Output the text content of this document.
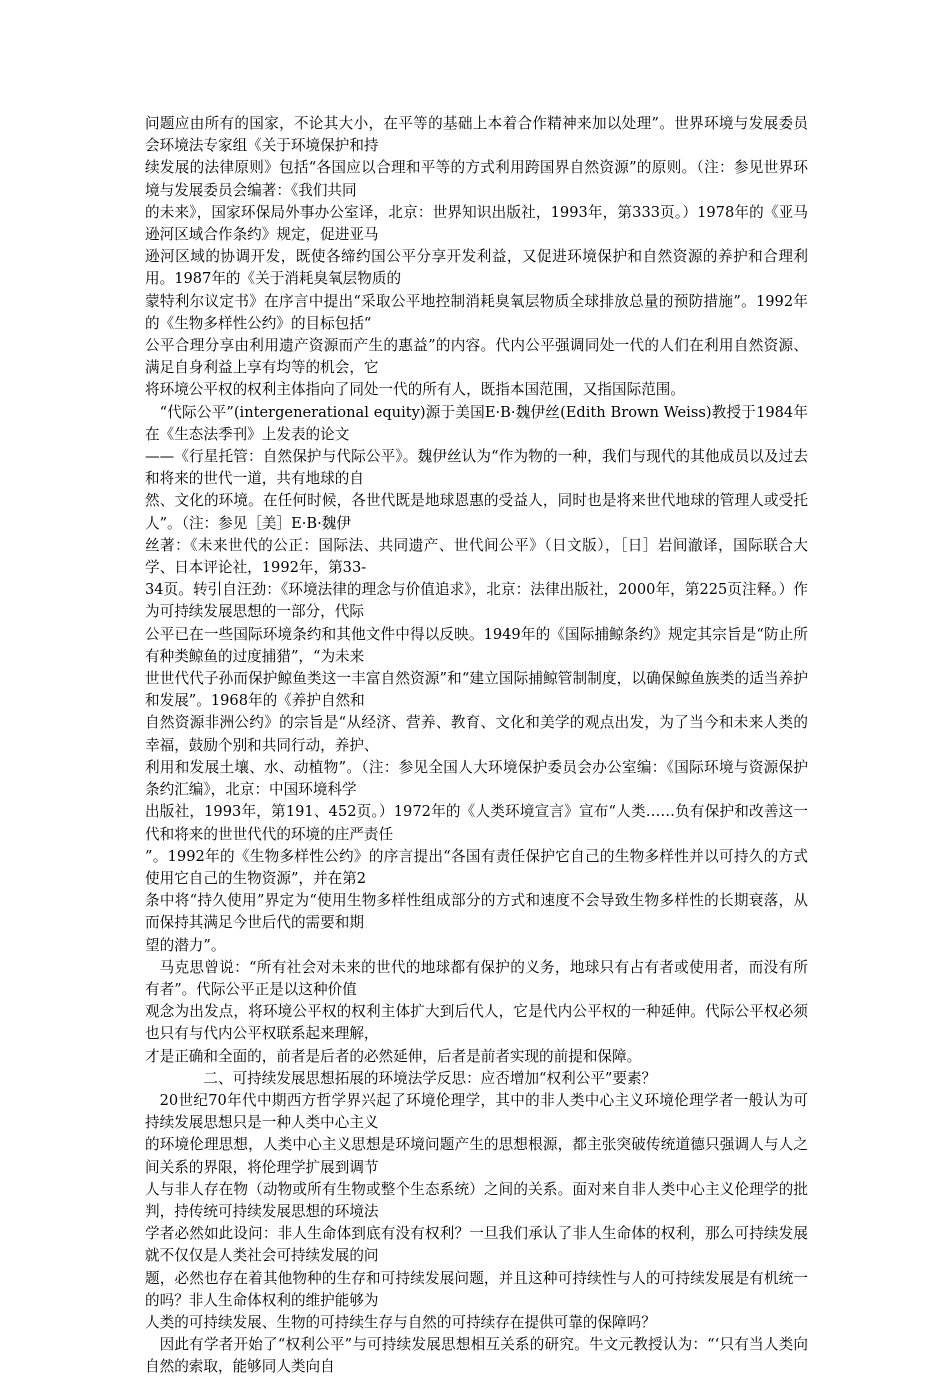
问题应由所有的国家，不论其大小，在平等的基础上本着合作精神来加以处理”。世界环境与发展委员会环境法专家组《关于环境保护和持

续发展的法律原则》包括“各国应以合理和平等的方式利用跨国界自然资源”的原则。（注：参见世界环境与发展委员会编著：《我们共同

的未来》，国家环保局外事办公室译，北京：世界知识出版社，1993年，第333页。）1978年的《亚马逊河区域合作条约》规定，促进亚马

逊河区域的协调开发，既使各缔约国公平分享开发利益，又促进环境保护和自然资源的养护和合理利用。1987年的《关于消耗臭氧层物质的

蒙特利尔议定书》在序言中提出“采取公平地控制消耗臭氧层物质全球排放总量的预防措施”。1992年的《生物多样性公约》的目标包括“

公平合理分享由利用遗产资源而产生的惠益”的内容。代内公平强调同处一代的人们在利用自然资源、满足自身利益上享有均等的机会，它

将环境公平权的权利主体指向了同处一代的所有人，既指本国范围，又指国际范围。

“代际公平”(intergenerational equity)源于美国E·B·魏伊丝(Edith Brown Weiss)教授于1984年在《生态法季刊》上发表的论文

——《行星托管：自然保护与代际公平》。魏伊丝认为“作为物的一种，我们与现代的其他成员以及过去和将来的世代一道，共有地球的自

然、文化的环境。在任何时候，各世代既是地球恩惠的受益人，同时也是将来世代地球的管理人或受托人”。（注：参见［美］E·B·魏伊

丝著：《未来世代的公正：国际法、共同遗产、世代间公平》（日文版），［日］岩间澈译，国际联合大学、日本评论社，1992年，第33-

34页。转引自汪劲：《环境法律的理念与价值追求》，北京：法律出版社，2000年，第225页注释。）作为可持续发展思想的一部分，代际

公平已在一些国际环境条约和其他文件中得以反映。1949年的《国际捕鲸条约》规定其宗旨是“防止所有种类鲸鱼的过度捕猎”，“为未来

世世代代子孙而保护鲸鱼类这一丰富自然资源”和“建立国际捕鲸管制制度，以确保鲸鱼族类的适当养护和发展”。1968年的《养护自然和

自然资源非洲公约》的宗旨是“从经济、营养、教育、文化和美学的观点出发，为了当今和未来人类的幸福，鼓励个别和共同行动，养护、

利用和发展土壤、水、动植物”。（注：参见全国人大环境保护委员会办公室编：《国际环境与资源保护条约汇编》，北京：中国环境科学

出版社，1993年，第191、452页。）1972年的《人类环境宣言》宣布“人类……负有保护和改善这一代和将来的世世代代的环境的庄严责任

”。1992年的《生物多样性公约》的序言提出“各国有责任保护它自己的生物多样性并以可持久的方式使用它自己的生物资源”，并在第2

条中将“持久使用”界定为“使用生物多样性组成部分的方式和速度不会导致生物多样性的长期衰落，从而保持其满足今世后代的需要和期

望的潜力”。

马克思曾说：“所有社会对未来的世代的地球都有保护的义务，地球只有占有者或使用者，而没有所有者”。代际公平正是以这种价值

观念为出发点，将环境公平权的权利主体扩大到后代人，它是代内公平权的一种延伸。代际公平权必须也只有与代内公平权联系起来理解，

才是正确和全面的，前者是后者的必然延伸，后者是前者实现的前提和保障。

二、可持续发展思想拓展的环境法学反思：应否增加“权利公平”要素？

20世纪70年代中期西方哲学界兴起了环境伦理学，其中的非人类中心主义环境伦理学者一般认为可持续发展思想只是一种人类中心主义

的环境伦理思想，人类中心主义思想是环境问题产生的思想根源，都主张突破传统道德只强调人与人之间关系的界限，将伦理学扩展到调节

人与非人存在物（动物或所有生物或整个生态系统）之间的关系。面对来自非人类中心主义伦理学的批判，持传统可持续发展思想的环境法

学者必然如此设问：非人生命体到底有没有权利？一旦我们承认了非人生命体的权利，那么可持续发展就不仅仅是人类社会可持续发展的问

题，必然也存在着其他物种的生存和可持续发展问题，并且这种可持续性与人的可持续发展是有机统一的吗？非人生命体权利的维护能够为

人类的可持续发展、生物的可持续生存与自然的可持续存在提供可靠的保障吗？

因此有学者开始了“权利公平”与可持续发展思想相互关系的研究。牛文元教授认为：“‘只有当人类向自然的索取，能够同人类向自
